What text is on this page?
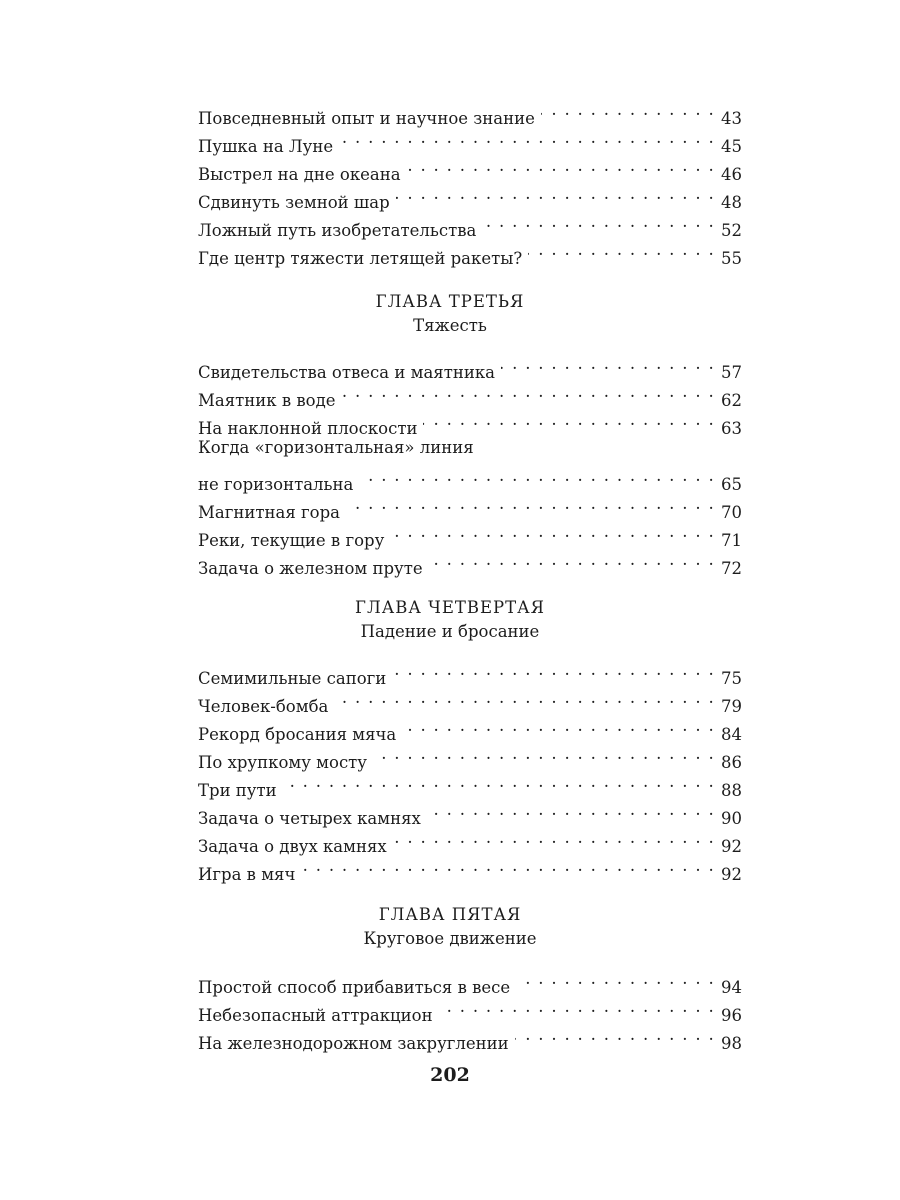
Повседневный опыт и научное знание . . .	43
Пушка на Луне . . .	45
Выстрел на дне океана . . .	46
Сдвинуть земной шар . . .	48
Ложный путь изобретательства . . .	52
Где центр тяжести летящей ракеты? . . .	55
ГЛАВА ТРЕТЬЯ
Тяжесть
Свидетельства отвеса и маятника . . .	57
Маятник в воде . . .	62
На наклонной плоскости . . .	63
Когда «горизонтальная» линия
не горизонтальна . . .	65
Магнитная гора . . .	70
Реки, текущие в гору . . .	71
Задача о железном пруте . . .	72
ГЛАВА ЧЕТВЕРТАЯ
Падение и бросание
Семимильные сапоги . . .	75
Человек-бомба . . .	79
Рекорд бросания мяча . . .	84
По хрупкому мосту . . .	86
Три пути . . .	88
Задача о четырех камнях . . .	90
Задача о двух камнях . . .	92
Игра в мяч . . .	92
ГЛАВА ПЯТАЯ
Круговое движение
Простой способ прибавиться в весе . . .	94
Небезопасный аттракцион . . .	96
На железнодорожном закруглении . . .	98
202
